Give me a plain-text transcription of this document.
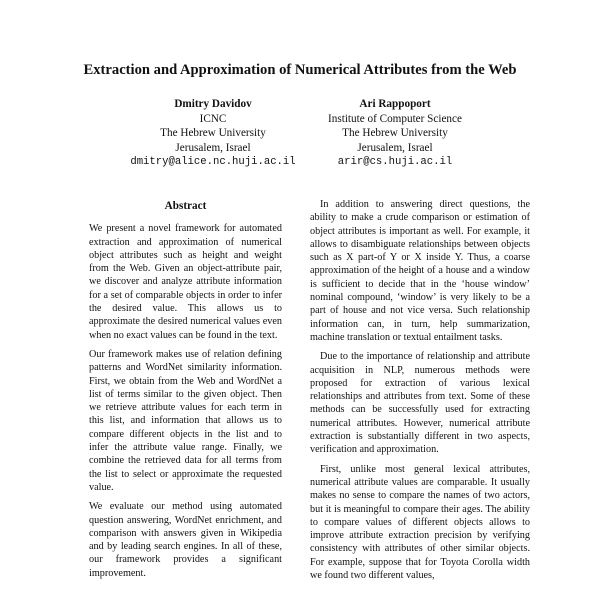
Extraction and Approximation of Numerical Attributes from the Web
Dmitry Davidov
ICNC
The Hebrew University
Jerusalem, Israel
dmitry@alice.nc.huji.ac.il
Ari Rappoport
Institute of Computer Science
The Hebrew University
Jerusalem, Israel
arir@cs.huji.ac.il
Abstract

We present a novel framework for automated extraction and approximation of numerical object attributes such as height and weight from the Web. Given an object-attribute pair, we discover and analyze attribute information for a set of comparable objects in order to infer the desired value. This allows us to approximate the desired numerical values even when no exact values can be found in the text.

Our framework makes use of relation defining patterns and WordNet similarity information. First, we obtain from the Web and WordNet a list of terms similar to the given object. Then we retrieve attribute values for each term in this list, and information that allows us to compare different objects in the list and to infer the attribute value range. Finally, we combine the retrieved data for all terms from the list to select or approximate the requested value.

We evaluate our method using automated question answering, WordNet enrichment, and comparison with answers given in Wikipedia and by leading search engines. In all of these, our framework provides a significant improvement.

In addition to answering direct questions, the ability to make a crude comparison or estimation of object attributes is important as well. For example, it allows to disambiguate relationships between objects such as X part-of Y or X inside Y. Thus, a coarse approximation of the height of a house and a window is sufficient to decide that in the ‘house window’ nominal compound, ‘window’ is very likely to be a part of house and not vice versa. Such relationship information can, in turn, help summarization, machine translation or textual entailment tasks.

Due to the importance of relationship and attribute acquisition in NLP, numerous methods were proposed for extraction of various lexical relationships and attributes from text. Some of these methods can be successfully used for extracting numerical attributes. However, numerical attribute extraction is substantially different in two aspects, verification and approximation.

First, unlike most general lexical attributes, numerical attribute values are comparable. It usually makes no sense to compare the names of two actors, but it is meaningful to compare their ages. The ability to compare values of different objects allows to improve attribute extraction precision by verifying consistency with attributes of other similar objects. For example, suppose that for Toyota Corolla width we found two different values,
